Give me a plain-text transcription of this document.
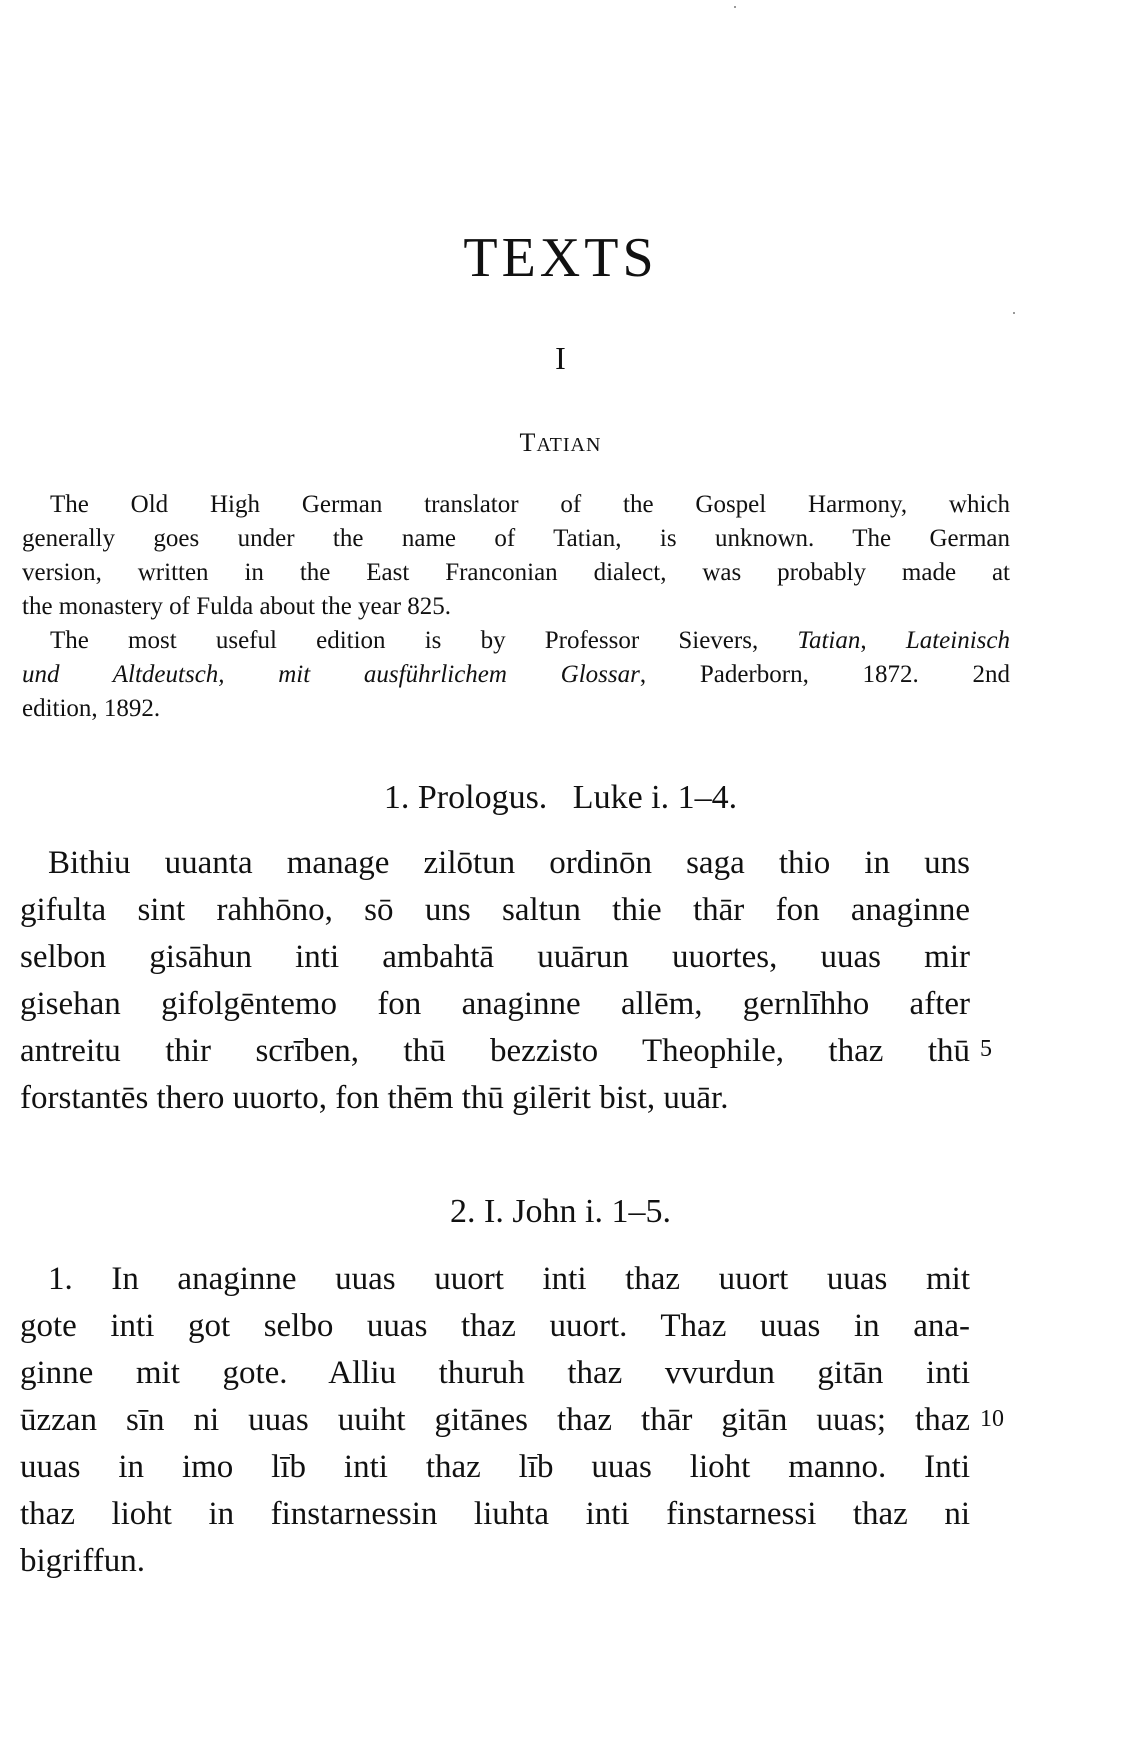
TEXTS
I
TATIAN
The Old High German translator of the Gospel Harmony, which
generally goes under the name of Tatian, is unknown. The German
version, written in the East Franconian dialect, was probably made at
the monastery of Fulda about the year 825.
The most useful edition is by Professor Sievers, Tatian, Lateinisch
und Altdeutsch, mit ausführlichem Glossar, Paderborn, 1872. 2nd
edition, 1892.
1. Prologus.   Luke i. 1–4.
Bithiu uuanta manage zilōtun ordinōn saga thio in uns
gifulta sint rahhōno, sō uns saltun thie thār fon anaginne
selbon gisāhun inti ambahtā uuārun uuortes, uuas mir
gisehan gifolgēntemo fon anaginne allēm, gernlīhho after
antreitu thir scrīben, thū bezzisto Theophile, thaz thū
forstantēs thero uuorto, fon thēm thū gilērit bist, uuār.
5
2. I. John i. 1–5.
1. In anaginne uuas uuort inti thaz uuort uuas mit
gote inti got selbo uuas thaz uuort. Thaz uuas in ana-
ginne mit gote. Alliu thuruh thaz vvurdun gitān inti
ūzzan sīn ni uuas uuiht gitānes thaz thār gitān uuas; thaz
uuas in imo līb inti thaz līb uuas lioht manno. Inti
thaz lioht in finstarnessin liuhta inti finstarnessi thaz ni
bigriffun.
10
